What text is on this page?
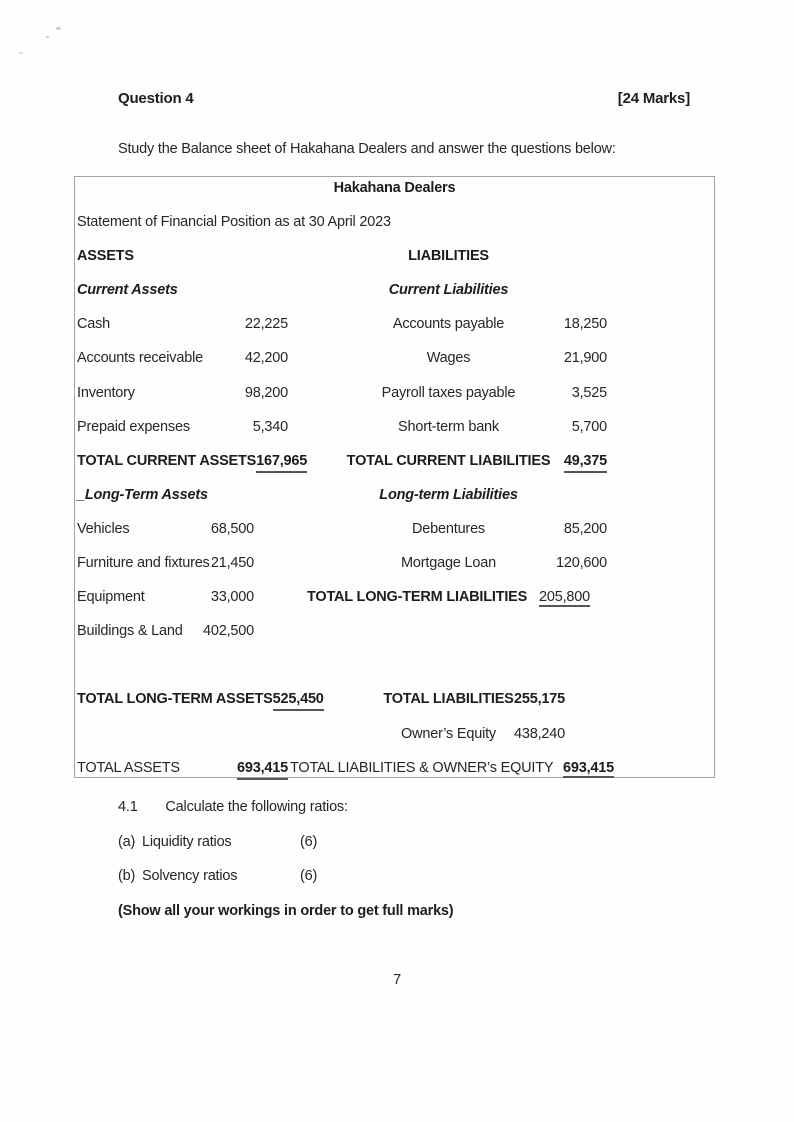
Question 4	[24 Marks]
Study the Balance sheet of Hakahana Dealers and answer the questions below:
Hakahana Dealers
Statement of Financial Position as at 30 April 2023
ASSETS	LIABILITIES
Current Assets	Current Liabilities
Cash	22,225	Accounts payable	18,250
Accounts receivable	42,200	Wages	21,900
Inventory	98,200	Payroll taxes payable	3,525
Prepaid expenses	5,340	Short-term bank	5,700
TOTAL CURRENT ASSETS 167,965	TOTAL CURRENT LIABILITIES 49,375
_Long-Term Assets	Long-term Liabilities
Vehicles	68,500	Debentures	85,200
Furniture and fixtures 21,450	Mortgage Loan	120,600
Equipment	33,000	TOTAL LONG-TERM LIABILITIES 205,800
Buildings & Land 402,500
TOTAL LONG-TERM ASSETS 525,450	TOTAL LIABILITIES 255,175
Owner’s Equity	438,240
TOTAL ASSETS	693,415 TOTAL LIABILITIES & OWNER’s EQUITY 693,415
4.1 Calculate the following ratios:
(a) Liquidity ratios	(6)
(b) Solvency ratios	(6)
(Show all your workings in order to get full marks)
7
